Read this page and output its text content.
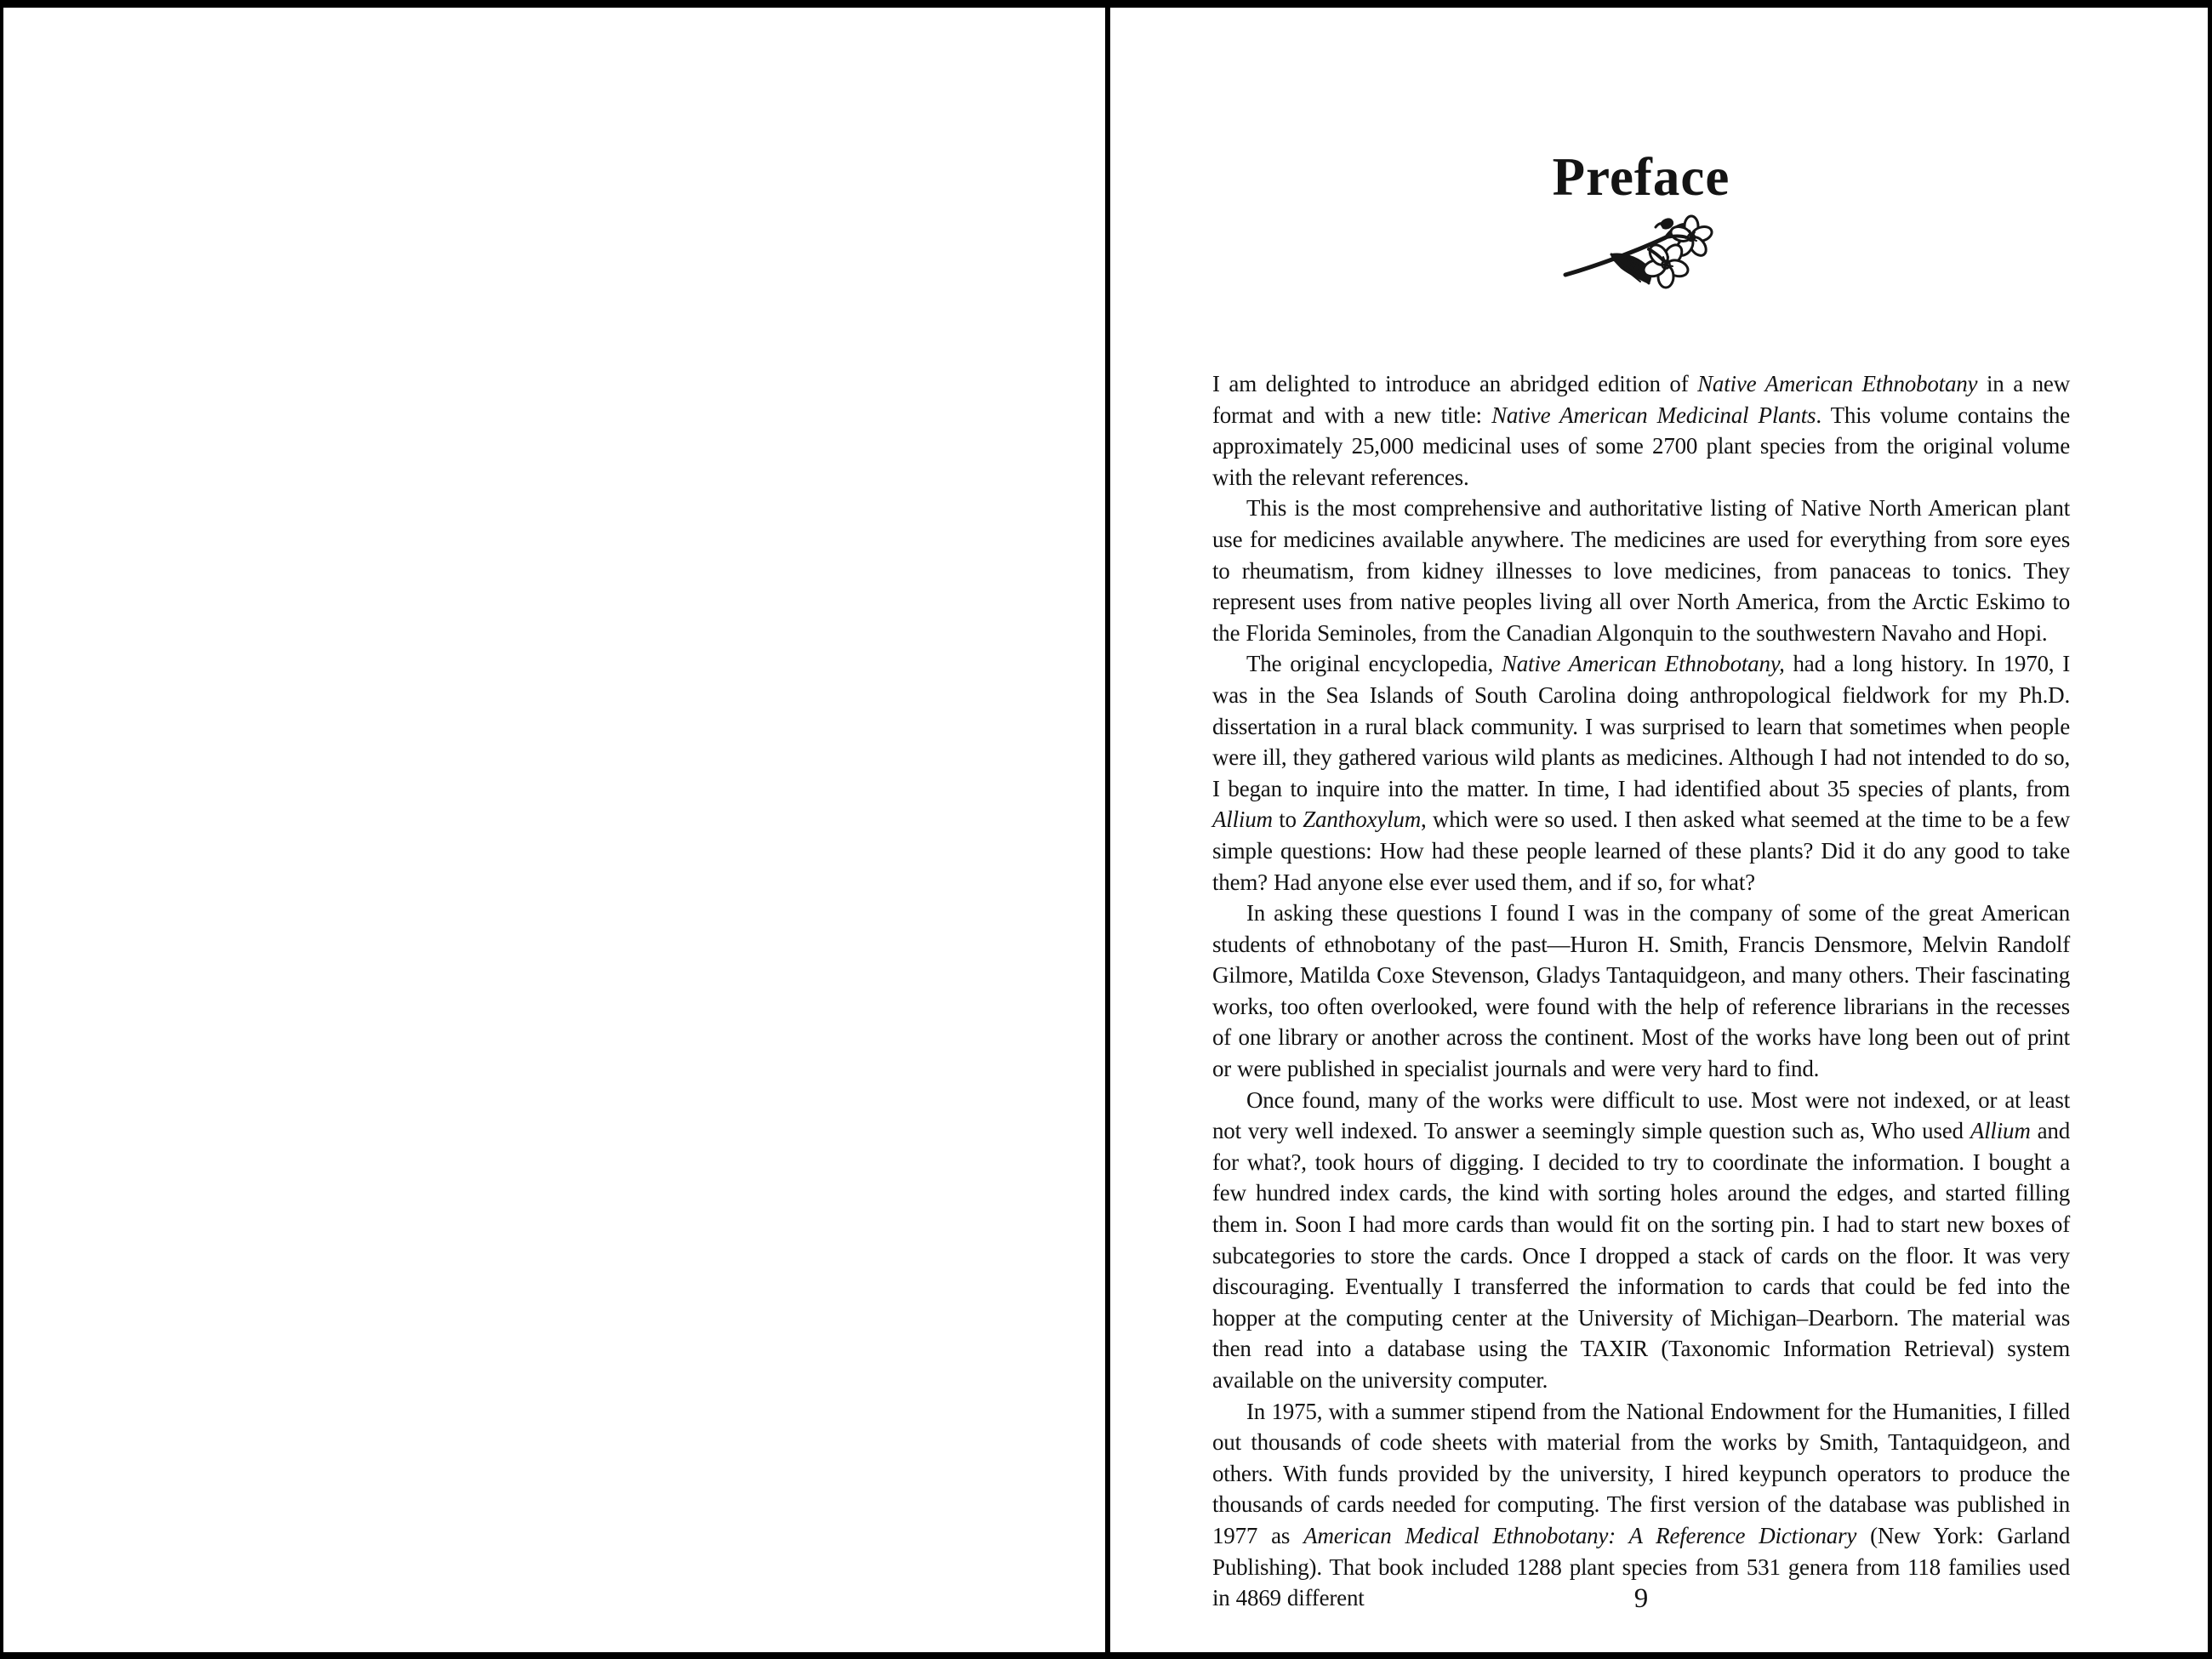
Preface

I am delighted to introduce an abridged edition of Native American Ethnobotany in a new format and with a new title: Native American Medicinal Plants. This volume contains the approximately 25,000 medicinal uses of some 2700 plant species from the original volume with the relevant references.

This is the most comprehensive and authoritative listing of Native North American plant use for medicines available anywhere. The medicines are used for everything from sore eyes to rheumatism, from kidney illnesses to love medicines, from panaceas to tonics. They represent uses from native peoples living all over North America, from the Arctic Eskimo to the Florida Seminoles, from the Canadian Algonquin to the southwestern Navaho and Hopi.

The original encyclopedia, Native American Ethnobotany, had a long history. In 1970, I was in the Sea Islands of South Carolina doing anthropological fieldwork for my Ph.D. dissertation in a rural black community. I was surprised to learn that sometimes when people were ill, they gathered various wild plants as medicines. Although I had not intended to do so, I began to inquire into the matter. In time, I had identified about 35 species of plants, from Allium to Zanthoxylum, which were so used. I then asked what seemed at the time to be a few simple questions: How had these people learned of these plants? Did it do any good to take them? Had anyone else ever used them, and if so, for what?

In asking these questions I found I was in the company of some of the great American students of ethnobotany of the past—Huron H. Smith, Francis Densmore, Melvin Randolf Gilmore, Matilda Coxe Stevenson, Gladys Tantaquidgeon, and many others. Their fascinating works, too often overlooked, were found with the help of reference librarians in the recesses of one library or another across the continent. Most of the works have long been out of print or were published in specialist journals and were very hard to find.

Once found, many of the works were difficult to use. Most were not indexed, or at least not very well indexed. To answer a seemingly simple question such as, Who used Allium and for what?, took hours of digging. I decided to try to coordinate the information. I bought a few hundred index cards, the kind with sorting holes around the edges, and started filling them in. Soon I had more cards than would fit on the sorting pin. I had to start new boxes of subcategories to store the cards. Once I dropped a stack of cards on the floor. It was very discouraging. Eventually I transferred the information to cards that could be fed into the hopper at the computing center at the University of Michigan–Dearborn. The material was then read into a database using the TAXIR (Taxonomic Information Retrieval) system available on the university computer.

In 1975, with a summer stipend from the National Endowment for the Humanities, I filled out thousands of code sheets with material from the works by Smith, Tantaquidgeon, and others. With funds provided by the university, I hired keypunch operators to produce the thousands of cards needed for computing. The first version of the database was published in 1977 as American Medical Ethnobotany: A Reference Dictionary (New York: Garland Publishing). That book included 1288 plant species from 531 genera from 118 families used in 4869 different	9
